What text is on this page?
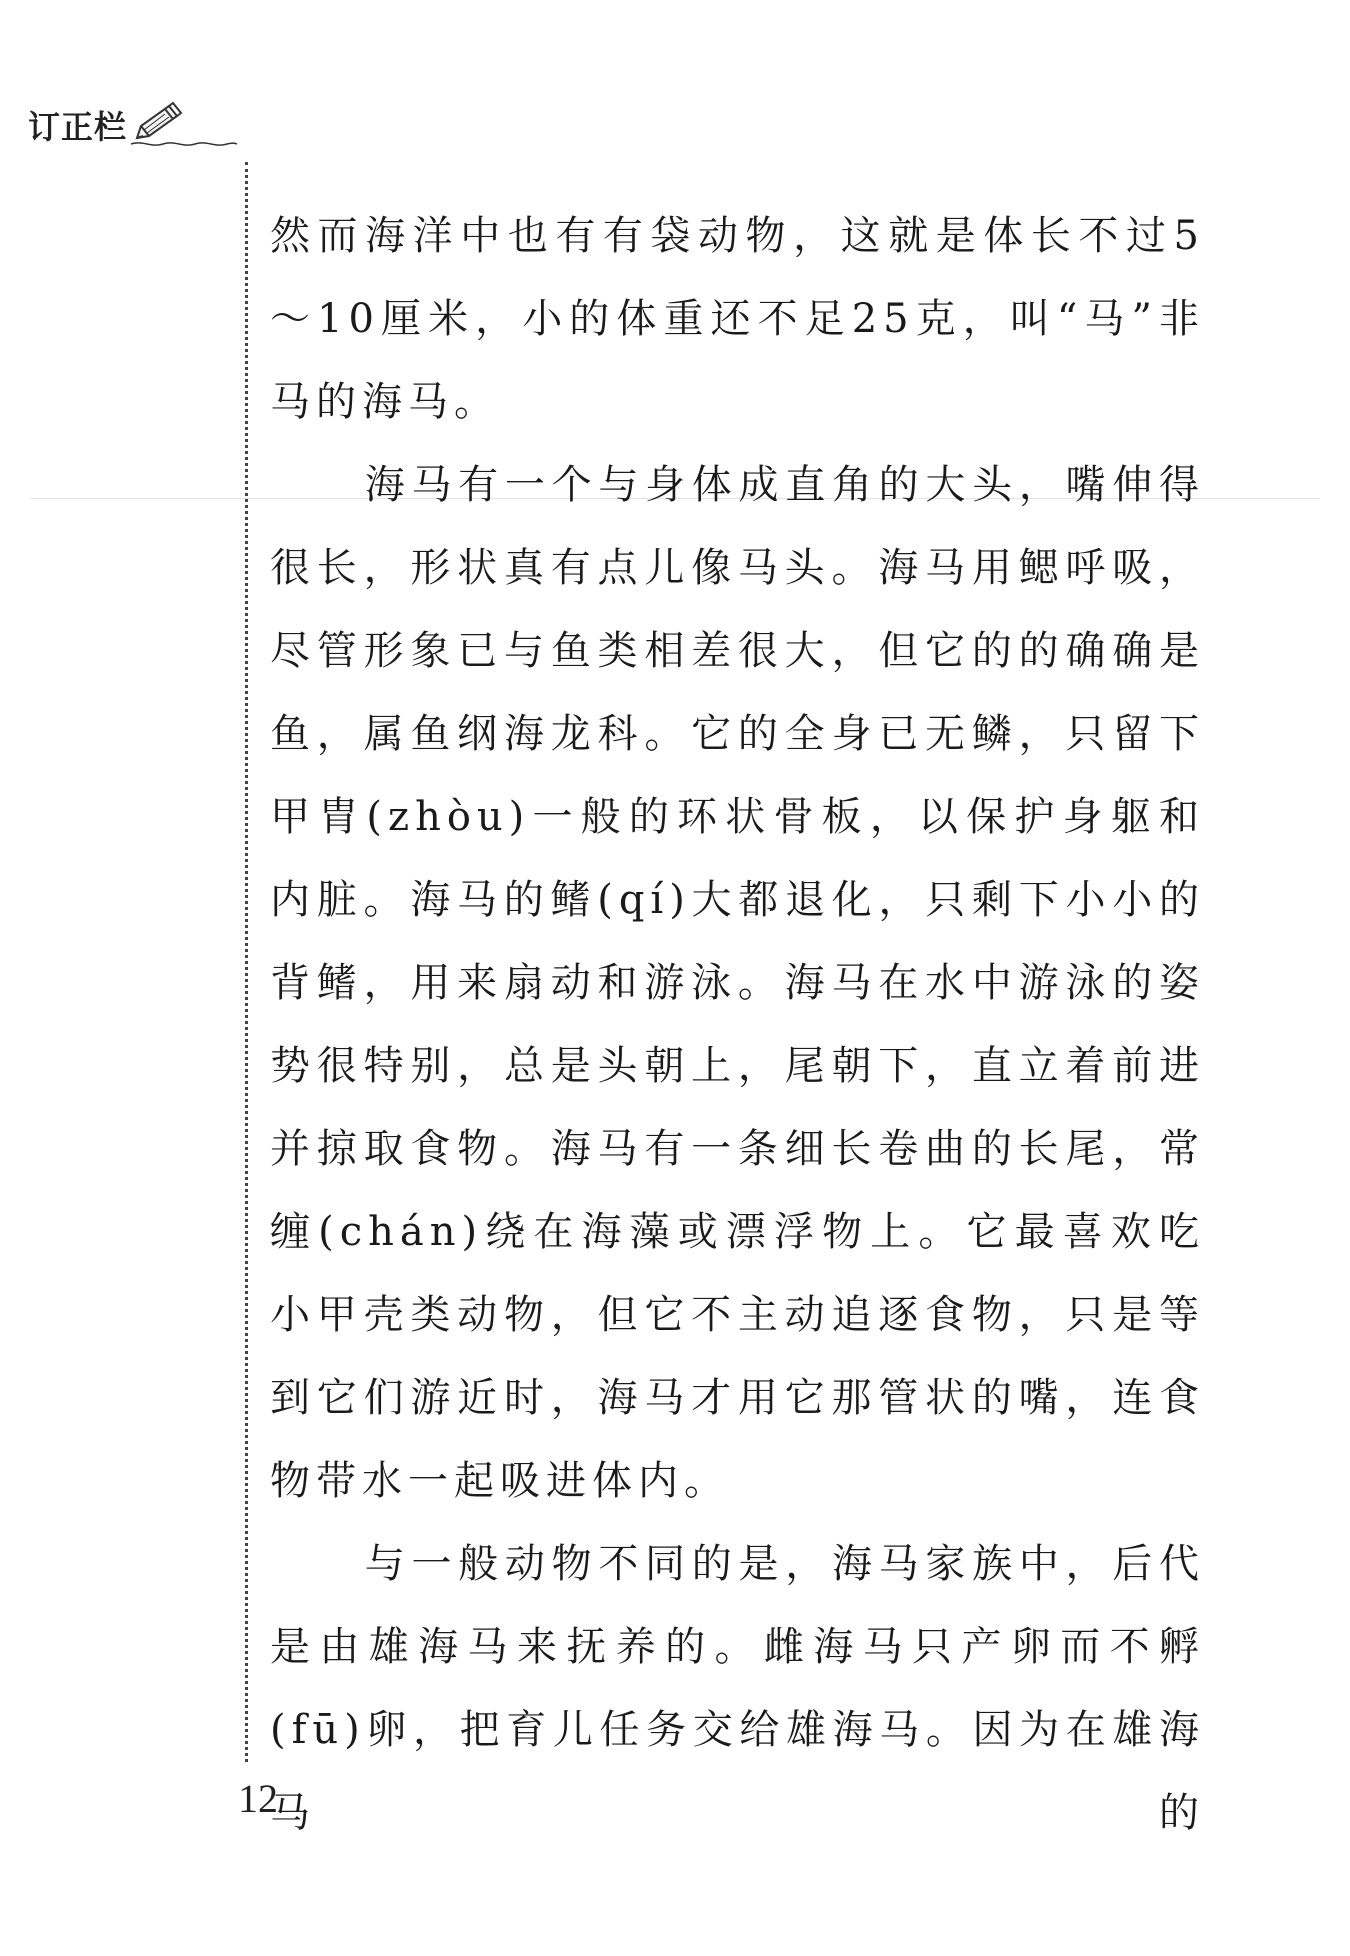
订正栏

然而海洋中也有有袋动物，这就是体长不过5～10厘米，小的体重还不足25克，叫“马”非马的海马。

海马有一个与身体成直角的大头，嘴伸得很长，形状真有点儿像马头。海马用鳃呼吸，尽管形象已与鱼类相差很大，但它的的确确是鱼，属鱼纲海龙科。它的全身已无鳞，只留下甲胄(zhòu)一般的环状骨板，以保护身躯和内脏。海马的鳍(qí)大都退化，只剩下小小的背鳍，用来扇动和游泳。海马在水中游泳的姿势很特别，总是头朝上，尾朝下，直立着前进并掠取食物。海马有一条细长卷曲的长尾，常缠(chán)绕在海藻或漂浮物上。它最喜欢吃小甲壳类动物，但它不主动追逐食物，只是等到它们游近时，海马才用它那管状的嘴，连食物带水一起吸进体内。

与一般动物不同的是，海马家族中，后代是由雄海马来抚养的。雌海马只产卵而不孵(fū)卵，把育儿任务交给雄海马。因为在雄海马的

12
